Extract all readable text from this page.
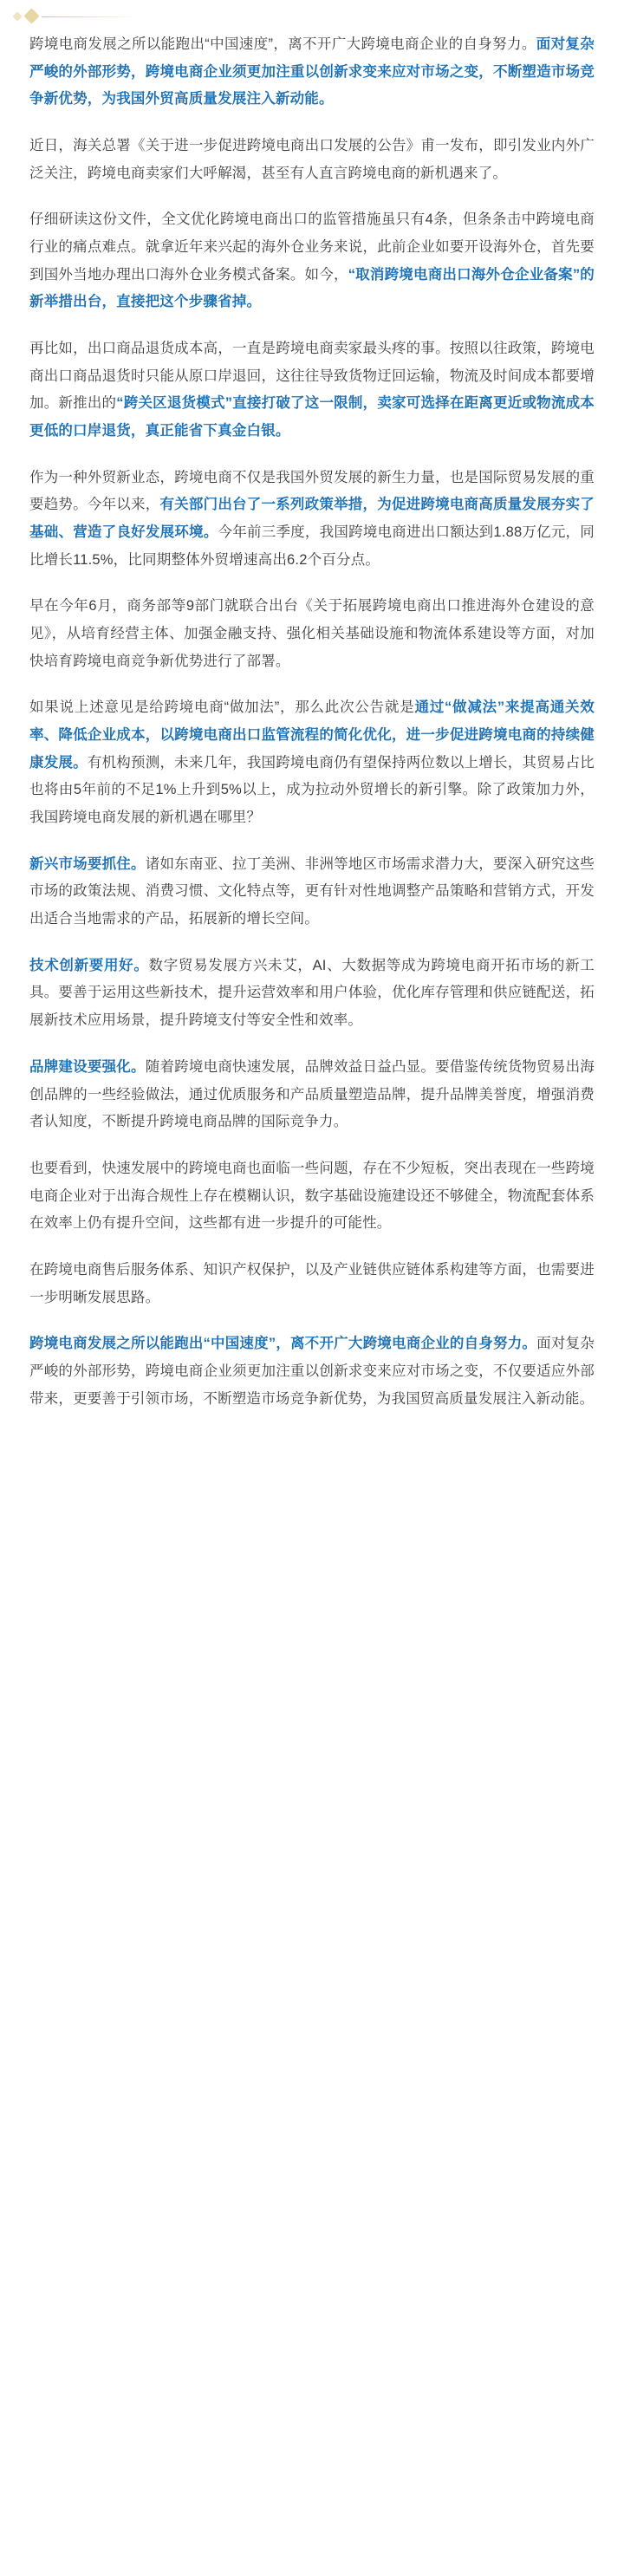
跨境电商发展之所以能跑出“中国速度”，离不开广大跨境电商企业的自身努力。面对复杂严峻的外部形势，跨境电商企业须更加注重以创新求变来应对市场之变，不断塑造市场竞争新优势，为我国外贸高质量发展注入新动能。

近日，海关总署《关于进一步促进跨境电商出口发展的公告》甫一发布，即引发业内外广泛关注，跨境电商卖家们大呼解渴，甚至有人直言跨境电商的新机遇来了。

仔细研读这份文件，全文优化跨境电商出口的监管措施虽只有4条，但条条击中跨境电商行业的痛点难点。就拿近年来兴起的海外仓业务来说，此前企业如要开设海外仓，首先要到国外当地办理出口海外仓业务模式备案。如今，“取消跨境电商出口海外仓企业备案”的新举措出台，直接把这个步骤省掉。

再比如，出口商品退货成本高，一直是跨境电商卖家最头疼的事。按照以往政策，跨境电商出口商品退货时只能从原口岸退回，这往往导致货物迂回运输，物流及时间成本都要增加。新推出的“跨关区退货模式”直接打破了这一限制，卖家可选择在距离更近或物流成本更低的口岸退货，真正能省下真金白银。

作为一种外贸新业态，跨境电商不仅是我国外贸发展的新生力量，也是国际贸易发展的重要趋势。今年以来，有关部门出台了一系列政策举措，为促进跨境电商高质量发展夯实了基础、营造了良好发展环境。今年前三季度，我国跨境电商进出口额达到1.88万亿元，同比增长11.5%，比同期整体外贸增速高出6.2个百分点。

早在今年6月，商务部等9部门就联合出台《关于拓展跨境电商出口推进海外仓建设的意见》，从培育经营主体、加强金融支持、强化相关基础设施和物流体系建设等方面，对加快培育跨境电商竞争新优势进行了部署。

如果说上述意见是给跨境电商“做加法”，那么此次公告就是通过“做减法”来提高通关效率、降低企业成本，以跨境电商出口监管流程的简化优化，进一步促进跨境电商的持续健康发展。有机构预测，未来几年，我国跨境电商仍有望保持两位数以上增长，其贸易占比也将由5年前的不足1%上升到5%以上，成为拉动外贸增长的新引擎。除了政策加力外，我国跨境电商发展的新机遇在哪里？

新兴市场要抓住。诸如东南亚、拉丁美洲、非洲等地区市场需求潜力大，要深入研究这些市场的政策法规、消费习惯、文化特点等，更有针对性地调整产品策略和营销方式，开发出适合当地需求的产品，拓展新的增长空间。

技术创新要用好。数字贸易发展方兴未艾，AI、大数据等成为跨境电商开拓市场的新工具。要善于运用这些新技术，提升运营效率和用户体验，优化库存管理和供应链配送，拓展新技术应用场景，提升跨境支付等安全性和效率。

品牌建设要强化。随着跨境电商快速发展，品牌效益日益凸显。要借鉴传统货物贸易出海创品牌的一些经验做法，通过优质服务和产品质量塑造品牌，提升品牌美誉度，增强消费者认知度，不断提升跨境电商品牌的国际竞争力。

也要看到，快速发展中的跨境电商也面临一些问题，存在不少短板，突出表现在一些跨境电商企业对于出海合规性上存在模糊认识，数字基础设施建设还不够健全，物流配套体系在效率上仍有提升空间，这些都有进一步提升的可能性。

在跨境电商售后服务体系、知识产权保护，以及产业链供应链体系构建等方面，也需要进一步明晰发展思路。

跨境电商发展之所以能跑出“中国速度”，离不开广大跨境电商企业的自身努力。面对复杂严峻的外部形势，跨境电商企业须更加注重以创新求变来应对市场之变，不仅要适应外部带来，更要善于引领市场，不断塑造市场竞争新优势，为我国贸高质量发展注入新动能。
